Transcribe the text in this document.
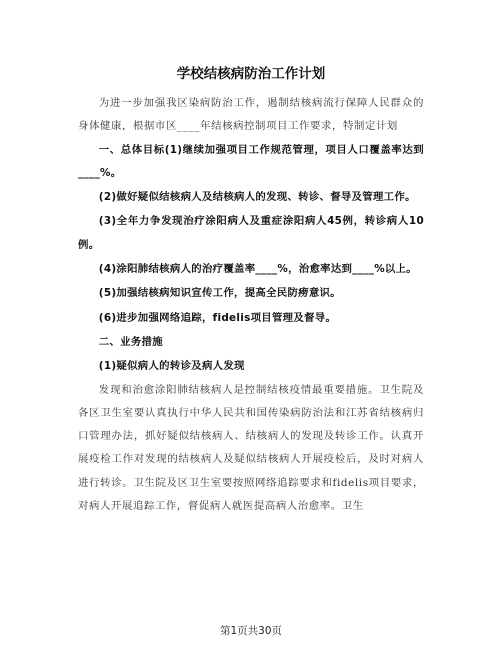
学校结核病防治工作计划

为进一步加强我区染病防治工作，遏制结核病流行保障人民群众的身体健康，根据市区____年结核病控制项目工作要求，特制定计划

一、总体目标(1)继续加强项目工作规范管理，项目人口覆盖率达到____%。

(2)做好疑似结核病人及结核病人的发现、转诊、督导及管理工作。

(3)全年力争发现治疗涂阳病人及重症涂阳病人45例，转诊病人10例。

(4)涂阳肺结核病人的治疗覆盖率____%，治愈率达到____%以上。

(5)加强结核病知识宣传工作，提高全民防痨意识。

(6)进步加强网络追踪，fidelis项目管理及督导。

二、业务措施

(1)疑似病人的转诊及病人发现

发现和治愈涂阳肺结核病人是控制结核疫情最重要措施。卫生院及各区卫生室要认真执行中华人民共和国传染病防治法和江苏省结核病归口管理办法，抓好疑似结核病人、结核病人的发现及转诊工作。认真开展疫检工作对发现的结核病人及疑似结核病人开展疫检后，及时对病人进行转诊。卫生院及区卫生室要按照网络追踪要求和fidelis项目要求，对病人开展追踪工作，督促病人就医提高病人治愈率。卫生

第1页共30页
